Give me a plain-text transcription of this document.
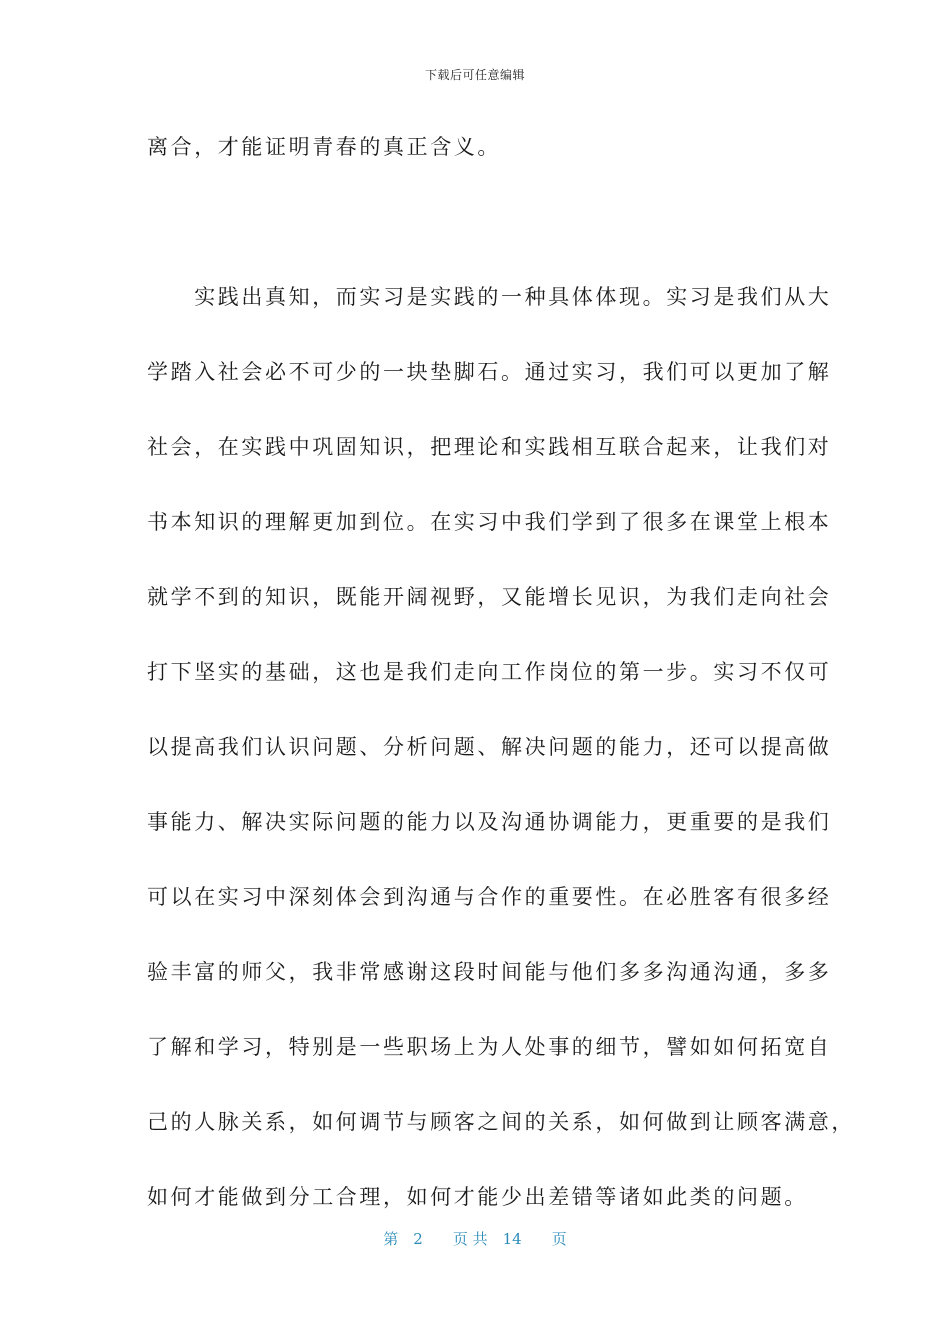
下载后可任意编辑
离合，才能证明青春的真正含义。
　　实践出真知，而实习是实践的一种具体体现。实习是我们从大
学踏入社会必不可少的一块垫脚石。通过实习，我们可以更加了解
社会，在实践中巩固知识，把理论和实践相互联合起来，让我们对
书本知识的理解更加到位。在实习中我们学到了很多在课堂上根本
就学不到的知识，既能开阔视野，又能增长见识，为我们走向社会
打下坚实的基础，这也是我们走向工作岗位的第一步。实习不仅可
以提高我们认识问题、分析问题、解决问题的能力，还可以提高做
事能力、解决实际问题的能力以及沟通协调能力，更重要的是我们
可以在实习中深刻体会到沟通与合作的重要性。在必胜客有很多经
验丰富的师父，我非常感谢这段时间能与他们多多沟通沟通，多多
了解和学习，特别是一些职场上为人处事的细节，譬如如何拓宽自
己的人脉关系，如何调节与顾客之间的关系，如何做到让顾客满意，
如何才能做到分工合理，如何才能少出差错等诸如此类的问题。
第　2　　页 共　14　　页
